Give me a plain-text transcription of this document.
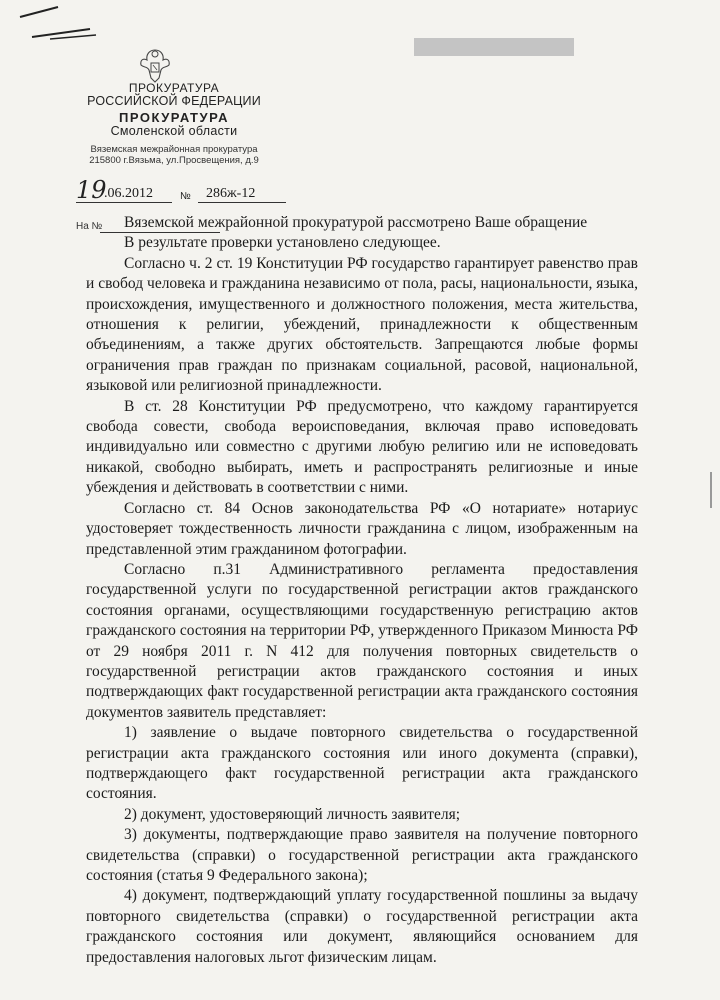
ПРОКУРАТУРА
РОССИЙСКОЙ ФЕДЕРАЦИИ
ПРОКУРАТУРА
Смоленской области
Вяземская межрайонная прокуратура
215800 г.Вязьма, ул.Просвещения, д.9
19
.06.2012	№ 286ж-12
На №	Вяземской межрайонной прокуратурой рассмотрено Ваше обращение

В результате проверки установлено следующее.

Согласно ч. 2 ст. 19 Конституции РФ государство гарантирует равенство прав и свобод человека и гражданина независимо от пола, расы, национальности, языка, происхождения, имущественного и должностного положения, места жительства, отношения к религии, убеждений, принадлежности к общественным объединениям, а также других обстоятельств. Запрещаются любые формы ограничения прав граждан по признакам социальной, расовой, национальной, языковой или религиозной принадлежности.

В ст. 28 Конституции РФ предусмотрено, что каждому гарантируется свобода совести, свобода вероисповедания, включая право исповедовать индивидуально или совместно с другими любую религию или не исповедовать никакой, свободно выбирать, иметь и распространять религиозные и иные убеждения и действовать в соответствии с ними.

Согласно ст. 84 Основ законодательства РФ «О нотариате» нотариус удостоверяет тождественность личности гражданина с лицом, изображенным на представленной этим гражданином фотографии.

Согласно п.31 Административного регламента предоставления государственной услуги по государственной регистрации актов гражданского состояния органами, осуществляющими государственную регистрацию актов гражданского состояния на территории РФ, утвержденного Приказом Минюста РФ от 29 ноября 2011 г. N 412 для получения повторных свидетельств о государственной регистрации актов гражданского состояния и иных подтверждающих факт государственной регистрации акта гражданского состояния документов заявитель представляет:

1) заявление о выдаче повторного свидетельства о государственной регистрации акта гражданского состояния или иного документа (справки), подтверждающего факт государственной регистрации акта гражданского состояния.

2) документ, удостоверяющий личность заявителя;

3) документы, подтверждающие право заявителя на получение повторного свидетельства (справки) о государственной регистрации акта гражданского состояния (статья 9 Федерального закона);

4) документ, подтверждающий уплату государственной пошлины за выдачу повторного свидетельства (справки) о государственной регистрации акта гражданского состояния или документ, являющийся основанием для предоставления налоговых льгот физическим лицам.
